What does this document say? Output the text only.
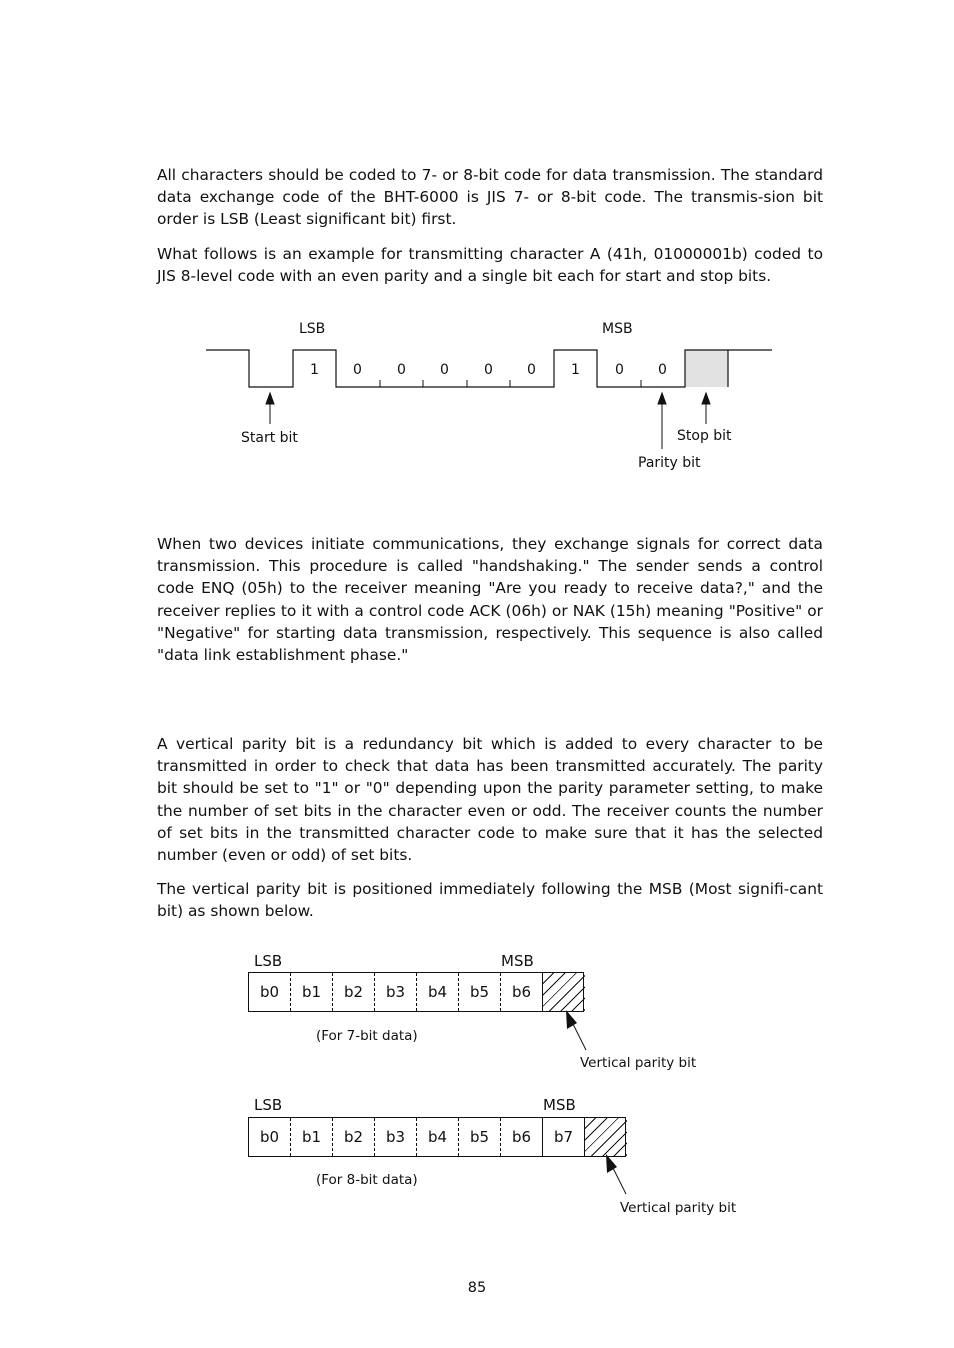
All characters should be coded to 7- or 8-bit code for data transmission. The standard data exchange code of the BHT-6000 is JIS 7- or 8-bit code. The transmis-sion bit order is LSB (Least significant bit) first.

What follows is an example for transmitting character A (41h, 01000001b) coded to JIS 8-level code with an even parity and a single bit each for start and stop bits.

LSB	MSB
1 0	0 0	0 0	1	0 0
Start bit	Stop bit
Parity bit

When two devices initiate communications, they exchange signals for correct data transmission. This procedure is called "handshaking." The sender sends a control code ENQ (05h) to the receiver meaning "Are you ready to receive data?," and the receiver replies to it with a control code ACK (06h) or NAK (15h) meaning "Positive" or "Negative" for starting data transmission, respectively. This sequence is also called "data link establishment phase."

A vertical parity bit is a redundancy bit which is added to every character to be transmitted in order to check that data has been transmitted accurately. The parity bit should be set to "1" or "0" depending upon the parity parameter setting, to make the number of set bits in the character even or odd. The receiver counts the number of set bits in the transmitted character code to make sure that it has the selected number (even or odd) of set bits.

The vertical parity bit is positioned immediately following the MSB (Most signifi-cant bit) as shown below.

LSB	MSB
b0	b1	b2	b3	b4	b5	b6
(For 7-bit data)
Vertical parity bit
LSB	MSB
b0	b1	b2	b3	b4	b5	b6	b7
(For 8-bit data)
Vertical parity bit
85
